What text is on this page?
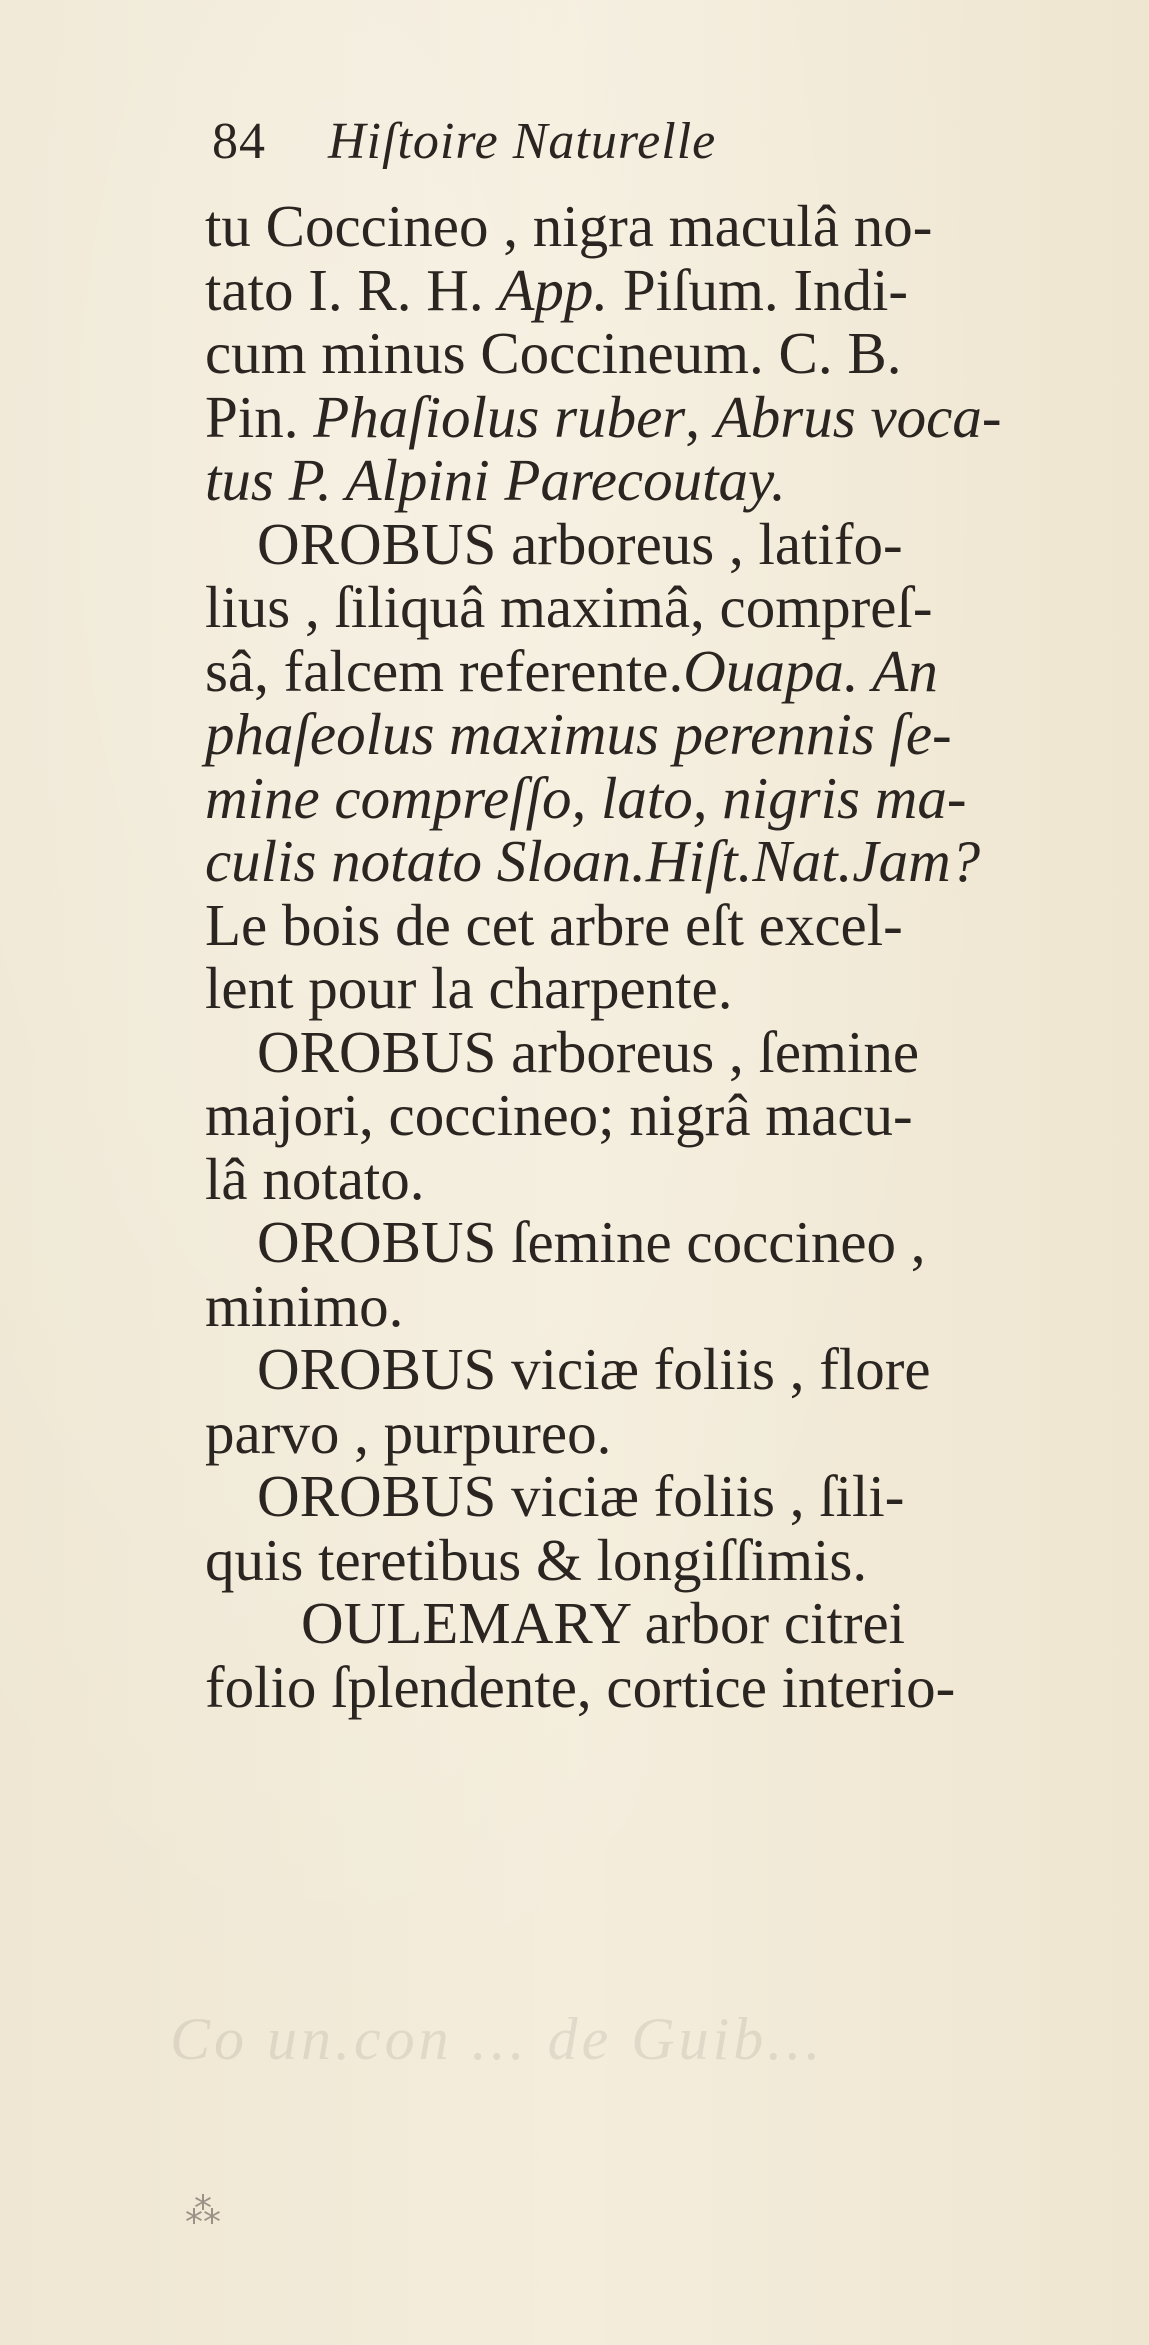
84 Hiſtoire Naturelle
tu Coccineo , nigra maculâ no‑
tato I. R. H. App. Piſum. Indi‑
cum minus Coccineum. C. B.
Pin. Phaſiolus ruber, Abrus voca‑
tus P. Alpini Parecoutay.
OROBUS arboreus , latifo‑
lius , ſiliquâ maximâ, compreſ‑
sâ, falcem referente.Ouapa. An
phaſeolus maximus perennis ſe‑
mine compreſſo, lato, nigris ma‑
culis notato Sloan.Hiſt.Nat.Jam?
Le bois de cet arbre eſt excel‑
lent pour la charpente.
OROBUS arboreus , ſemine
majori, coccineo; nigrâ macu‑
lâ notato.
OROBUS ſemine coccineo ,
minimo.
OROBUS viciæ foliis , flore
parvo , purpureo.
OROBUS viciæ foliis , ſili‑
quis teretibus & longiſſimis.
OULEMARY arbor citrei
folio ſplendente, cortice interio‑
Co un.con ... de Guib...
⁂
